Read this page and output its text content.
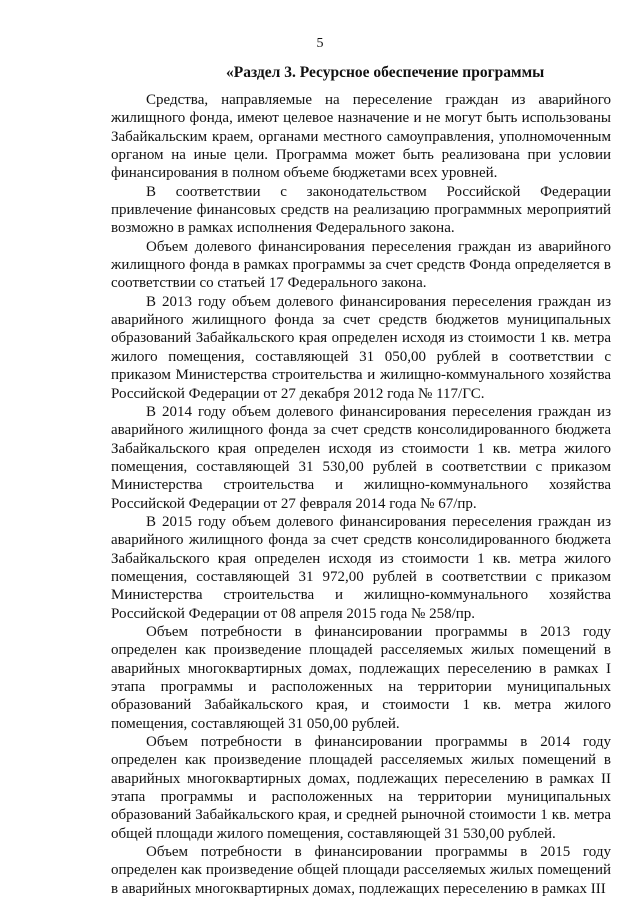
5
«Раздел 3. Ресурсное обеспечение программы

Средства, направляемые на переселение граждан из аварийного жилищного фонда, имеют целевое назначение и не могут быть использованы Забайкальским краем, органами местного самоуправления, уполномоченным органом на иные цели. Программа может быть реализована при условии финансирования в полном объеме бюджетами всех уровней.

В соответствии с законодательством Российской Федерации привлечение финансовых средств на реализацию программных мероприятий возможно в рамках исполнения Федерального закона.

Объем долевого финансирования переселения граждан из аварийного жилищного фонда в рамках программы за счет средств Фонда определяется в соответствии со статьей 17 Федерального закона.

В 2013 году объем долевого финансирования переселения граждан из аварийного жилищного фонда за счет средств бюджетов муниципальных образований Забайкальского края определен исходя из стоимости 1 кв. метра жилого помещения, составляющей 31 050,00 рублей в соответствии с приказом Министерства строительства и жилищно-коммунального хозяйства Российской Федерации от 27 декабря 2012 года № 117/ГС.

В 2014 году объем долевого финансирования переселения граждан из аварийного жилищного фонда за счет средств консолидированного бюджета Забайкальского края определен исходя из стоимости 1 кв. метра жилого помещения, составляющей 31 530,00 рублей в соответствии с приказом Министерства строительства и жилищно-коммунального хозяйства Российской Федерации от 27 февраля 2014 года № 67/пр.

В 2015 году объем долевого финансирования переселения граждан из аварийного жилищного фонда за счет средств консолидированного бюджета Забайкальского края определен исходя из стоимости 1 кв. метра жилого помещения, составляющей 31 972,00 рублей в соответствии с приказом Министерства строительства и жилищно-коммунального хозяйства Российской Федерации от 08 апреля 2015 года № 258/пр.

Объем потребности в финансировании программы в 2013 году определен как произведение площадей расселяемых жилых помещений в аварийных многоквартирных домах, подлежащих переселению в рамках I этапа программы и расположенных на территории муниципальных образований Забайкальского края, и стоимости 1 кв. метра жилого помещения, составляющей 31 050,00 рублей.

Объем потребности в финансировании программы в 2014 году определен как произведение площадей расселяемых жилых помещений в аварийных многоквартирных домах, подлежащих переселению в рамках II этапа программы и расположенных на территории муниципальных образований Забайкальского края, и средней рыночной стоимости 1 кв. метра общей площади жилого помещения, составляющей 31 530,00 рублей.

Объем потребности в финансировании программы в 2015 году определен как произведение общей площади расселяемых жилых помещений в аварийных многоквартирных домах, подлежащих переселению в рамках III
